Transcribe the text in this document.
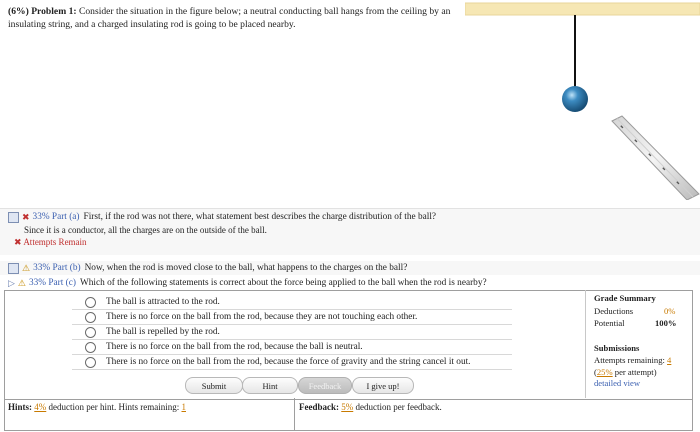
(6%) Problem 1: Consider the situation in the figure below; a neutral conducting ball hangs from the ceiling by an insulating string, and a charged insulating rod is going to be placed nearby.
✖ 33% Part (a) First, if the rod was not there, what statement best describes the charge distribution of the ball?
Since it is a conductor, all the charges are on the outside of the ball.
✖ Attempts Remain
⚠ 33% Part (b) Now, when the rod is moved close to the ball, what happens to the charges on the ball?
▷ ⚠ 33% Part (c) Which of the following statements is correct about the force being applied to the ball when the rod is nearby?
The ball is attracted to the rod.
There is no force on the ball from the rod, because they are not touching each other.
The ball is repelled by the rod.
There is no force on the ball from the rod, because the ball is neutral.
There is no force on the ball from the rod, because the force of gravity and the string cancel it out.
Submit	Hint	Feedback	I give up!
Grade Summary
Deductions	0%
Potential	100%
Submissions
Attempts remaining: 4
(25% per attempt)
detailed view
Hints: 4% deduction per hint. Hints remaining: 1	Feedback: 5% deduction per feedback.
